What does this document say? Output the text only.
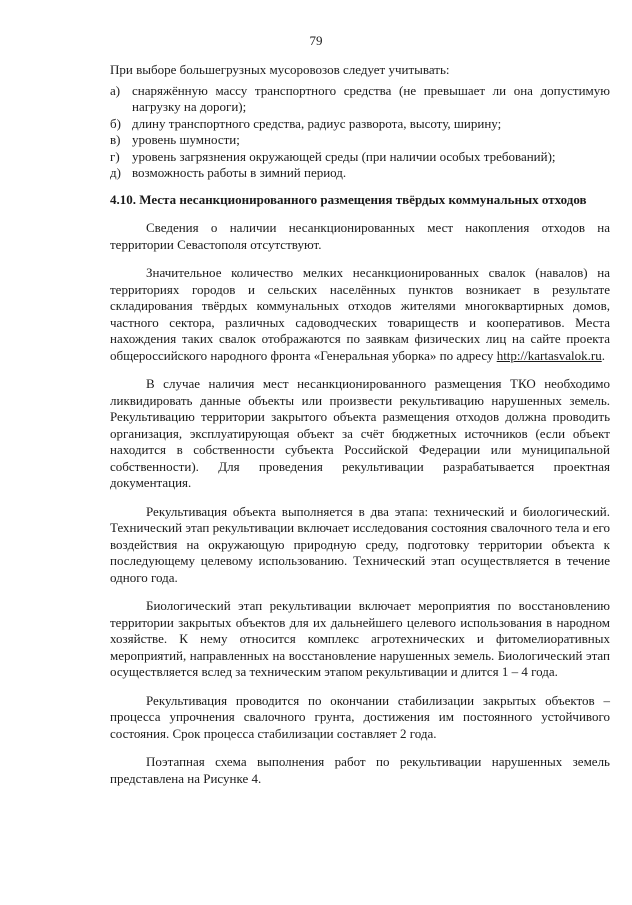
79

При выборе большегрузных мусоровозов следует учитывать:

а) снаряжённую массу транспортного средства (не превышает ли она допустимую нагрузку на дороги);
б) длину транспортного средства, радиус разворота, высоту, ширину;
в) уровень шумности;
г) уровень загрязнения окружающей среды (при наличии особых требований);
д) возможность работы в зимний период.
4.10. Места несанкционированного размещения твёрдых коммунальных отходов

Сведения о наличии несанкционированных мест накопления отходов на территории Севастополя отсутствуют.

Значительное количество мелких несанкционированных свалок (навалов) на территориях городов и сельских населённых пунктов возникает в результате складирования твёрдых коммунальных отходов жителями многоквартирных домов, частного сектора, различных садоводческих товариществ и кооперативов. Места нахождения таких свалок отображаются по заявкам физических лиц на сайте проекта общероссийского народного фронта «Генеральная уборка» по адресу http://kartasvalok.ru.

В случае наличия мест несанкционированного размещения ТКО необходимо ликвидировать данные объекты или произвести рекультивацию нарушенных земель. Рекультивацию территории закрытого объекта размещения отходов должна проводить организация, эксплуатирующая объект за счёт бюджетных источников (если объект находится в собственности субъекта Российской Федерации или муниципальной собственности). Для проведения рекультивации разрабатывается проектная документация.

Рекультивация объекта выполняется в два этапа: технический и биологический. Технический этап рекультивации включает исследования состояния свалочного тела и его воздействия на окружающую природную среду, подготовку территории объекта к последующему целевому использованию. Технический этап осуществляется в течение одного года.

Биологический этап рекультивации включает мероприятия по восстановлению территории закрытых объектов для их дальнейшего целевого использования в народном хозяйстве. К нему относится комплекс агротехнических и фитомелиоративных мероприятий, направленных на восстановление нарушенных земель. Биологический этап осуществляется вслед за техническим этапом рекультивации и длится 1 – 4 года.

Рекультивация проводится по окончании стабилизации закрытых объектов – процесса упрочнения свалочного грунта, достижения им постоянного устойчивого состояния. Срок процесса стабилизации составляет 2 года.

Поэтапная схема выполнения работ по рекультивации нарушенных земель представлена на Рисунке 4.
